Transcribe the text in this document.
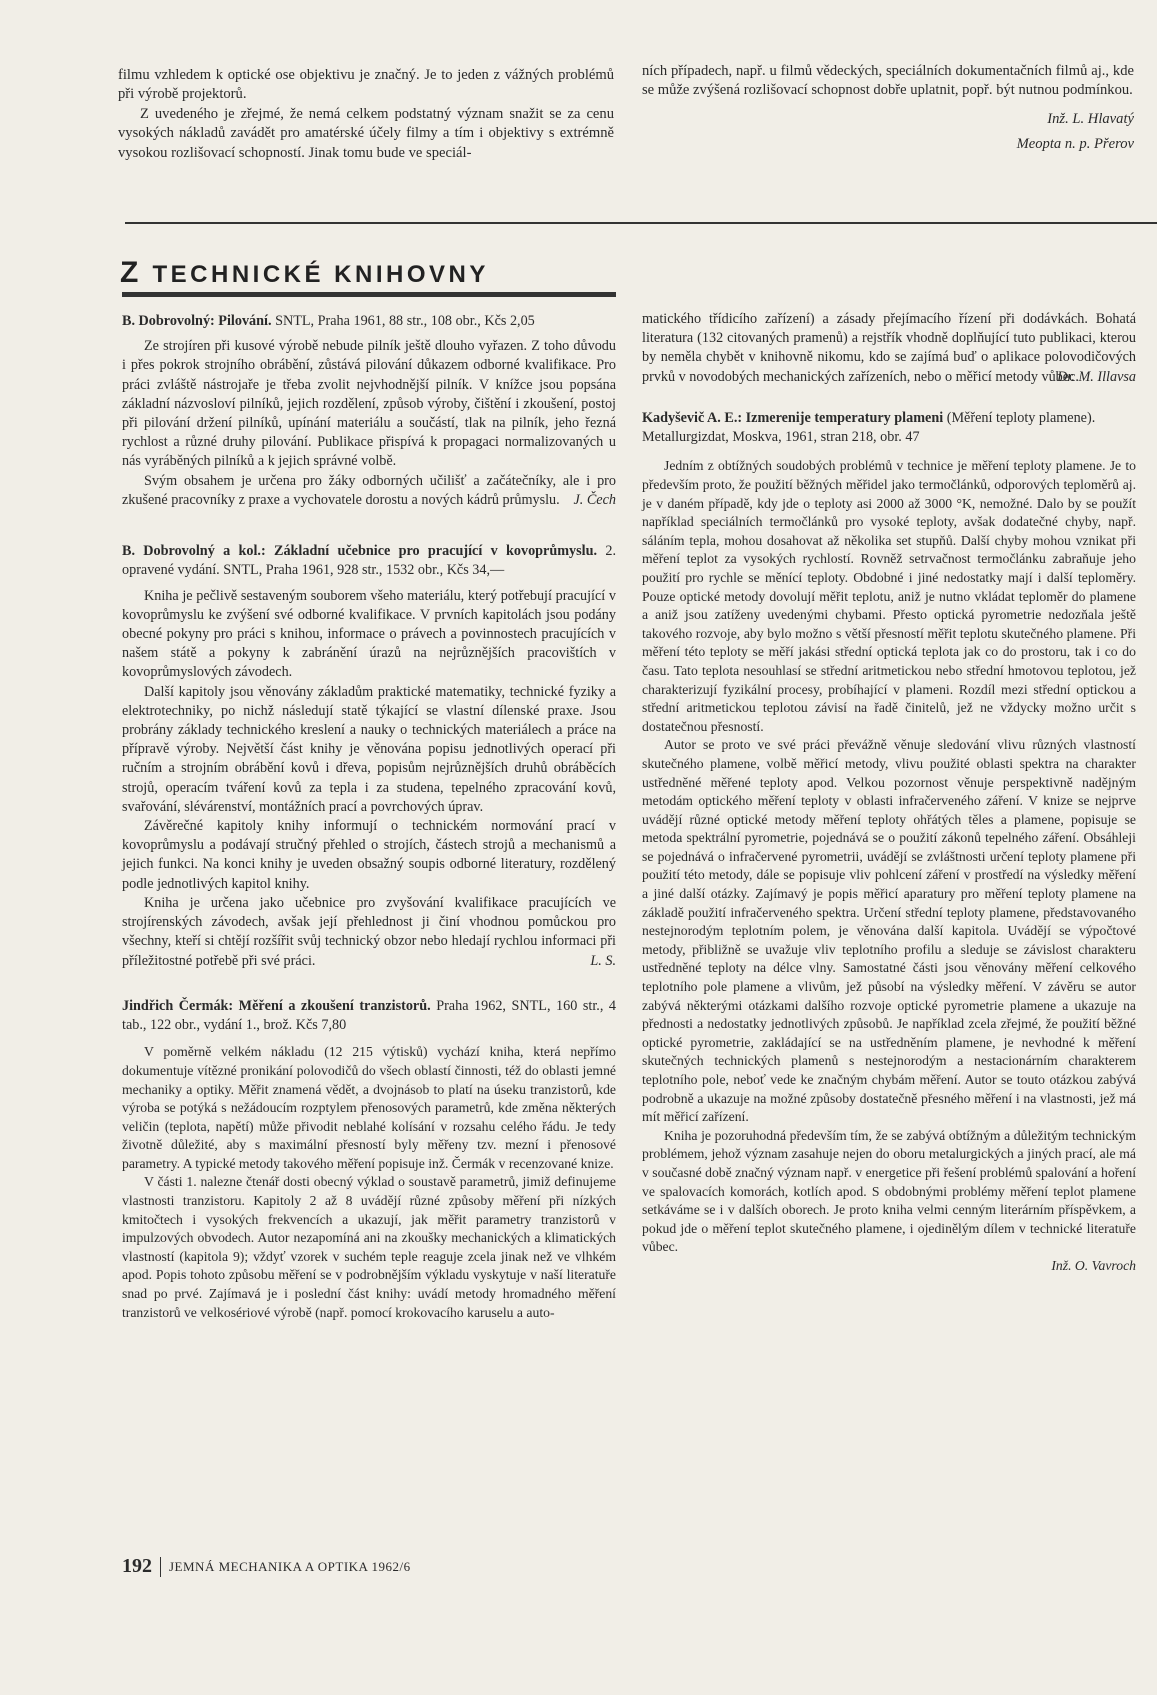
filmu vzhledem k optické ose objektivu je značný. Je to jeden z vážných problémů při výrobě projektorů.

Z uvedeného je zřejmé, že nemá celkem podstatný význam snažit se za cenu vysokých nákladů zavádět pro amatérské účely filmy a tím i objektivy s extrémně vysokou rozlišovací schopností. Jinak tomu bude ve speciál-

ních případech, např. u filmů vědeckých, speciálních dokumentačních filmů aj., kde se může zvýšená rozlišovací schopnost dobře uplatnit, popř. být nutnou podmínkou.

Inž. L. Hlavatý

Meopta n. p. Přerov

Z TECHNICKÉ KNIHOVNY

B. Dobrovolný: Pilování. SNTL, Praha 1961, 88 str., 108 obr., Kčs 2,05

Ze strojíren při kusové výrobě nebude pilník ještě dlouho vyřazen. Z toho důvodu i přes pokrok strojního obrábění, zůstává pilování důkazem odborné kvalifikace. Pro práci zvláště nástrojaře je třeba zvolit nejvhodnější pilník. V knížce jsou popsána základní názvosloví pilníků, jejich rozdělení, způsob výroby, čištění i zkoušení, postoj při pilování držení pilníků, upínání materiálu a součástí, tlak na pilník, jeho řezná rychlost a různé druhy pilování. Publikace přispívá k propagaci normalizovaných u nás vyráběných pilníků a k jejich správné volbě.

Svým obsahem je určena pro žáky odborných učilišť a začátečníky, ale i pro zkušené pracovníky z praxe a vychovatele dorostu a nových kádrů průmyslu. J. Čech

B. Dobrovolný a kol.: Základní učebnice pro pracující v kovoprůmyslu. 2. opravené vydání. SNTL, Praha 1961, 928 str., 1532 obr., Kčs 34,—

Kniha je pečlivě sestaveným souborem všeho materiálu, který potřebují pracující v kovoprůmyslu ke zvýšení své odborné kvalifikace. V prvních kapitolách jsou podány obecné pokyny pro práci s knihou, informace o právech a povinnostech pracujících v našem státě a pokyny k zabránění úrazů na nejrůznějších pracovištích v kovoprůmyslových závodech.

Další kapitoly jsou věnovány základům praktické matematiky, technické fyziky a elektrotechniky, po nichž následují statě týkající se vlastní dílenské praxe. Jsou probrány základy technického kreslení a nauky o technických materiálech a práce na přípravě výroby. Největší část knihy je věnována popisu jednotlivých operací při ručním a strojním obrábění kovů i dřeva, popisům nejrůznějších druhů obráběcích strojů, operacím tváření kovů za tepla i za studena, tepelného zpracování kovů, svařování, slévárenství, montážních prací a povrchových úprav.

Závěrečné kapitoly knihy informují o technickém normování prací v kovoprůmyslu a podávají stručný přehled o strojích, částech strojů a mechanismů a jejich funkci. Na konci knihy je uveden obsažný soupis odborné literatury, rozdělený podle jednotlivých kapitol knihy.

Kniha je určena jako učebnice pro zvyšování kvalifikace pracujících ve strojírenských závodech, avšak její přehlednost ji činí vhodnou pomůckou pro všechny, kteří si chtějí rozšířit svůj technický obzor nebo hledají rychlou informaci při příležitostné potřebě při své práci.	L. S.

Jindřich Čermák: Měření a zkoušení tranzistorů. Praha 1962, SNTL, 160 str., 4 tab., 122 obr., vydání 1., brož. Kčs 7,80

V poměrně velkém nákladu (12 215 výtisků) vychází kniha, která nepřímo dokumentuje vítězné pronikání polovodičů do všech oblastí činnosti, též do oblasti jemné mechaniky a optiky. Měřit znamená vědět, a dvojnásob to platí na úseku tranzistorů, kde výroba se potýká s nežádoucím rozptylem přenosových parametrů, kde změna některých veličin (teplota, napětí) může přivodit neblahé kolísání v rozsahu celého řádu. Je tedy životně důležité, aby s maximální přesností byly měřeny tzv. mezní i přenosové parametry. A typické metody takového měření popisuje inž. Čermák v recenzované knize.

V části 1. nalezne čtenář dosti obecný výklad o soustavě parametrů, jimiž definujeme vlastnosti tranzistoru. Kapitoly 2 až 8 uvádějí různé způsoby měření při nízkých kmitočtech i vysokých frekvencích a ukazují, jak měřit parametry tranzistorů v impulzových obvodech. Autor nezapomíná ani na zkoušky mechanických a klimatických vlastností (kapitola 9); vždyť vzorek v suchém teple reaguje zcela jinak než ve vlhkém apod. Popis tohoto způsobu měření se v podrobnějším výkladu vyskytuje v naší literatuře snad po prvé. Zajímavá je i poslední část knihy: uvádí metody hromadného měření tranzistorů ve velkosériové výrobě (např. pomocí krokovacího karuselu a auto-

matického třídicího zařízení) a zásady přejímacího řízení při dodávkách. Bohatá literatura (132 citovaných pramenů) a rejstřík vhodně doplňující tuto publikaci, kterou by neměla chybět v knihovně nikomu, kdo se zajímá buď o aplikace polovodičových prvků v novodobých mechanických zařízeních, nebo o měřicí metody vůbec.

Dr. M. Illavsa

Kadyševič A. E.: Izmerenije temperatury plameni (Měření teploty plamene).

Metallurgizdat, Moskva, 1961, stran 218, obr. 47

Jedním z obtížných soudobých problémů v technice je měření teploty plamene. Je to především proto, že použití běžných měřidel jako termočlánků, odporových teploměrů aj. je v daném případě, kdy jde o teploty asi 2000 až 3000 °K, nemožné. Dalo by se použít například speciálních termočlánků pro vysoké teploty, avšak dodatečné chyby, např. sáláním tepla, mohou dosahovat až několika set stupňů. Další chyby mohou vznikat při měření teplot za vysokých rychlostí. Rovněž setrvačnost termočlánku zabraňuje jeho použití pro rychle se měnící teploty. Obdobné i jiné nedostatky mají i další teploměry. Pouze optické metody dovolují měřit teplotu, aniž je nutno vkládat teploměr do plamene a aniž jsou zatíženy uvedenými chybami. Přesto optická pyrometrie nedozňala ještě takového rozvoje, aby bylo možno s větší přesností měřit teplotu skutečného plamene. Při měření této teploty se měří jakási střední optická teplota jak co do prostoru, tak i co do času. Tato teplota nesouhlasí se střední aritmetickou nebo střední hmotovou teplotou, jež charakterizují fyzikální procesy, probíhající v plameni. Rozdíl mezi střední optickou a střední aritmetickou teplotou závisí na řadě činitelů, jež ne vždycky možno určit s dostatečnou přesností.

Autor se proto ve své práci převážně věnuje sledování vlivu různých vlastností skutečného plamene, volbě měřicí metody, vlivu použité oblasti spektra na charakter ustředněné měřené teploty apod. Velkou pozornost věnuje perspektivně nadějným metodám optického měření teploty v oblasti infračerveného záření. V knize se nejprve uvádějí různé optické metody měření teploty ohřátých těles a plamene, popisuje se metoda spektrální pyrometrie, pojednává se o použití zákonů tepelného záření. Obsáhleji se pojednává o infračervené pyrometrii, uvádějí se zvláštnosti určení teploty plamene při použití této metody, dále se popisuje vliv pohlcení záření v prostředí na výsledky měření a jiné další otázky. Zajímavý je popis měřicí aparatury pro měření teploty plamene na základě použití infračerveného spektra. Určení střední teploty plamene, představovaného nestejnorodým teplotním polem, je věnována další kapitola. Uvádějí se výpočtové metody, přibližně se uvažuje vliv teplotního profilu a sleduje se závislost charakteru ustředněné teploty na délce vlny. Samostatné části jsou věnovány měření celkového teplotního pole plamene a vlivům, jež působí na výsledky měření. V závěru se autor zabývá některými otázkami dalšího rozvoje optické pyrometrie plamene a ukazuje na přednosti a nedostatky jednotlivých způsobů. Je například zcela zřejmé, že použití běžné optické pyrometrie, zakládající se na ustředněním plamene, je nevhodné k měření skutečných technických plamenů s nestejnorodým a nestacionárním charakterem teplotního pole, neboť vede ke značným chybám měření. Autor se touto otázkou zabývá podrobně a ukazuje na možné způsoby dostatečně přesného měření i na vlastnosti, jež má mít měřicí zařízení.

Kniha je pozoruhodná především tím, že se zabývá obtížným a důležitým technickým problémem, jehož význam zasahuje nejen do oboru metalurgických a jiných prací, ale má v současné době značný význam např. v energetice při řešení problémů spalování a hoření ve spalovacích komorách, kotlích apod. S obdobnými problémy měření teplot plamene setkáváme se i v dalších oborech. Je proto kniha velmi cenným literárním příspěvkem, a pokud jde o měření teplot skutečného plamene, i ojedinělým dílem v technické literatuře vůbec.

Inž. O. Vavroch

192 JEMNÁ MECHANIKA A OPTIKA 1962/6
